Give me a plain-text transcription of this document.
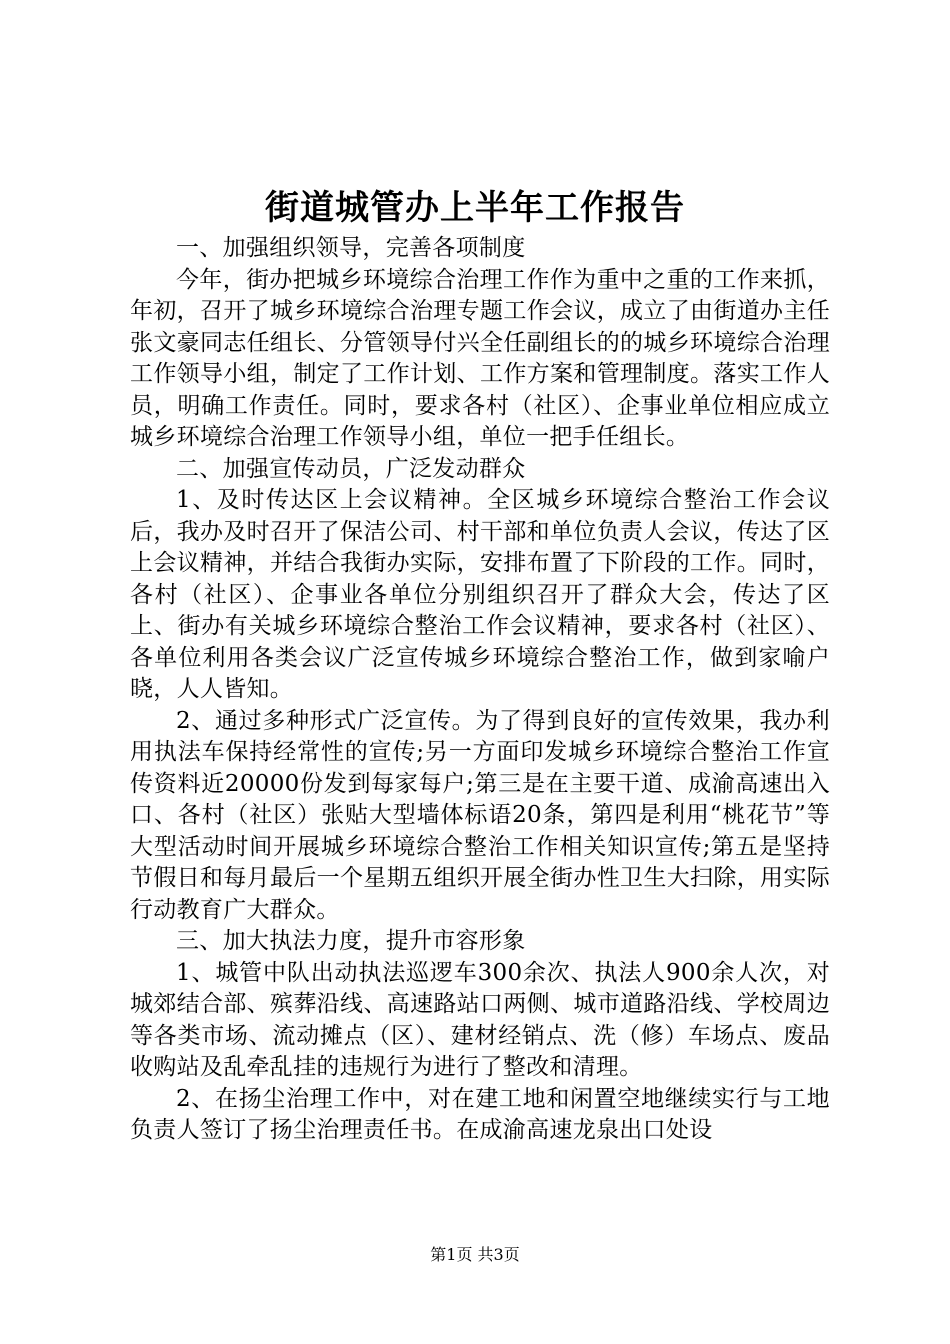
街道城管办上半年工作报告

一、加强组织领导，完善各项制度

今年，街办把城乡环境综合治理工作作为重中之重的工作来抓，年初，召开了城乡环境综合治理专题工作会议，成立了由街道办主任张文豪同志任组长、分管领导付兴全任副组长的的城乡环境综合治理工作领导小组，制定了工作计划、工作方案和管理制度。落实工作人员，明确工作责任。同时，要求各村（社区）、企事业单位相应成立城乡环境综合治理工作领导小组，单位一把手任组长。

二、加强宣传动员，广泛发动群众

1、及时传达区上会议精神。全区城乡环境综合整治工作会议后，我办及时召开了保洁公司、村干部和单位负责人会议，传达了区上会议精神，并结合我街办实际，安排布置了下阶段的工作。同时，各村（社区）、企事业各单位分别组织召开了群众大会，传达了区上、街办有关城乡环境综合整治工作会议精神，要求各村（社区）、各单位利用各类会议广泛宣传城乡环境综合整治工作，做到家喻户晓，人人皆知。

2、通过多种形式广泛宣传。为了得到良好的宣传效果，我办利用执法车保持经常性的宣传;另一方面印发城乡环境综合整治工作宣传资料近20000份发到每家每户;第三是在主要干道、成渝高速出入口、各村（社区）张贴大型墙体标语20条，第四是利用“桃花节”等大型活动时间开展城乡环境综合整治工作相关知识宣传;第五是坚持节假日和每月最后一个星期五组织开展全街办性卫生大扫除，用实际行动教育广大群众。

三、加大执法力度，提升市容形象

1、城管中队出动执法巡逻车300余次、执法人900余人次，对城郊结合部、殡葬沿线、高速路站口两侧、城市道路沿线、学校周边等各类市场、流动摊点（区）、建材经销点、洗（修）车场点、废品收购站及乱牵乱挂的违规行为进行了整改和清理。

2、在扬尘治理工作中，对在建工地和闲置空地继续实行与工地负责人签订了扬尘治理责任书。在成渝高速龙泉出口处设

第1页 共3页
